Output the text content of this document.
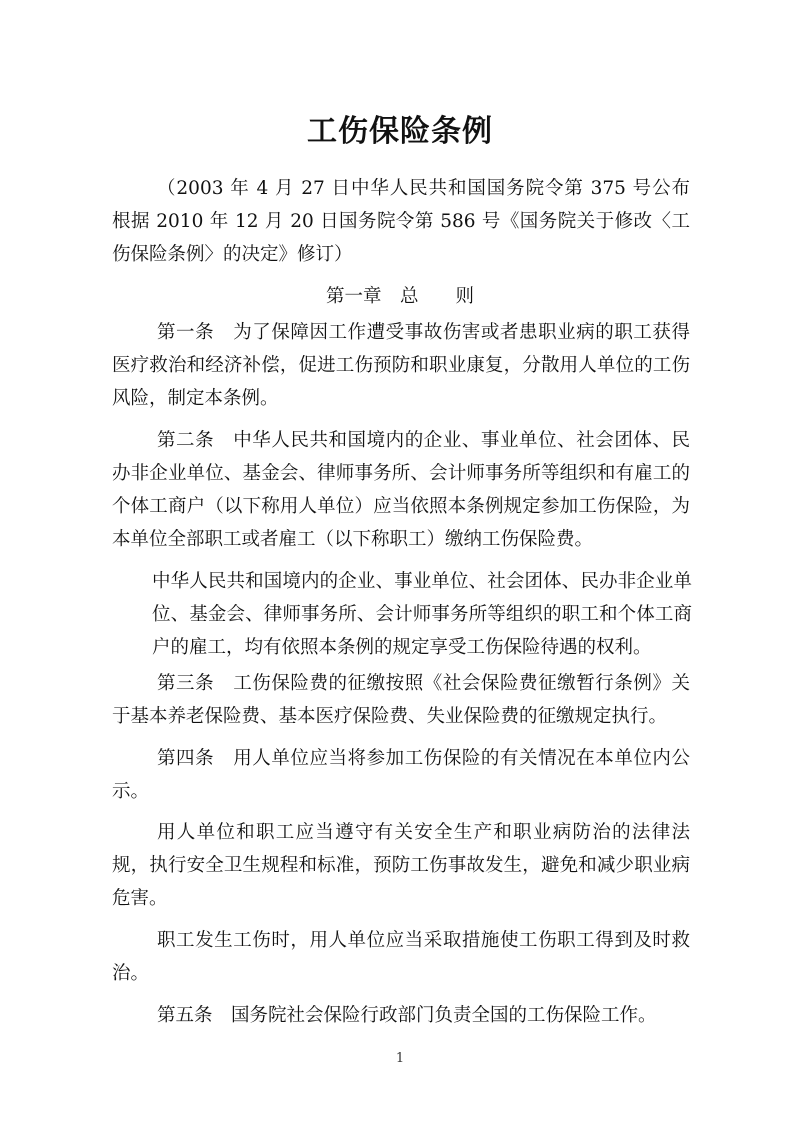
工伤保险条例
（2003 年 4 月 27 日中华人民共和国国务院令第 375 号公布　根据 2010 年 12 月 20 日国务院令第 586 号《国务院关于修改〈工伤保险条例〉的决定》修订）
第一章　总　　则
第一条　为了保障因工作遭受事故伤害或者患职业病的职工获得医疗救治和经济补偿，促进工伤预防和职业康复，分散用人单位的工伤风险，制定本条例。
第二条　中华人民共和国境内的企业、事业单位、社会团体、民办非企业单位、基金会、律师事务所、会计师事务所等组织和有雇工的个体工商户（以下称用人单位）应当依照本条例规定参加工伤保险，为本单位全部职工或者雇工（以下称职工）缴纳工伤保险费。
中华人民共和国境内的企业、事业单位、社会团体、民办非企业单位、基金会、律师事务所、会计师事务所等组织的职工和个体工商户的雇工，均有依照本条例的规定享受工伤保险待遇的权利。
第三条　工伤保险费的征缴按照《社会保险费征缴暂行条例》关于基本养老保险费、基本医疗保险费、失业保险费的征缴规定执行。
第四条　用人单位应当将参加工伤保险的有关情况在本单位内公示。
用人单位和职工应当遵守有关安全生产和职业病防治的法律法规，执行安全卫生规程和标准，预防工伤事故发生，避免和减少职业病危害。
职工发生工伤时，用人单位应当采取措施使工伤职工得到及时救治。
第五条　国务院社会保险行政部门负责全国的工伤保险工作。
1
